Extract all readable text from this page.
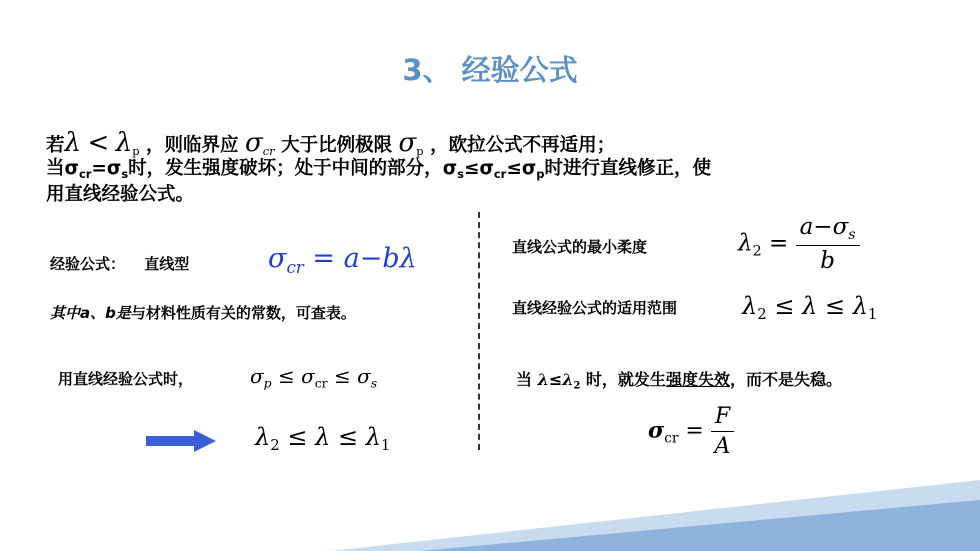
3、 经验公式
若$\lambda < \lambda_p$ ，则临界应 $\sigma_{cr}$ 大于比例极限 $\sigma_p$ ，欧拉公式不再适用；
当$\sigma_{cr}=\sigma_s$时，发生强度破坏；处于中间的部分，$\sigma_s\le\sigma_{cr}\le\sigma_p$时进行直线修正，使
用直线经验公式。
经验公式： 直线型	$\sigma_{cr} = a-b\lambda$
其中a、b是与材料性质有关的常数，可查表。
用直线经验公式时，	$\sigma_p \le \sigma_{cr} \le \sigma_s$
$\lambda_2 \le \lambda \le \lambda_1$
直线公式的最小柔度	$\lambda_2 = \frac{a-\sigma_s}{b}$
直线经验公式的适用范围	$\lambda_2 \le \lambda \le \lambda_1$
当 $\lambda\le\lambda_2$ 时，就发生强度失效，而不是失稳。
$\sigma_{cr} = \frac{F}{A}$
